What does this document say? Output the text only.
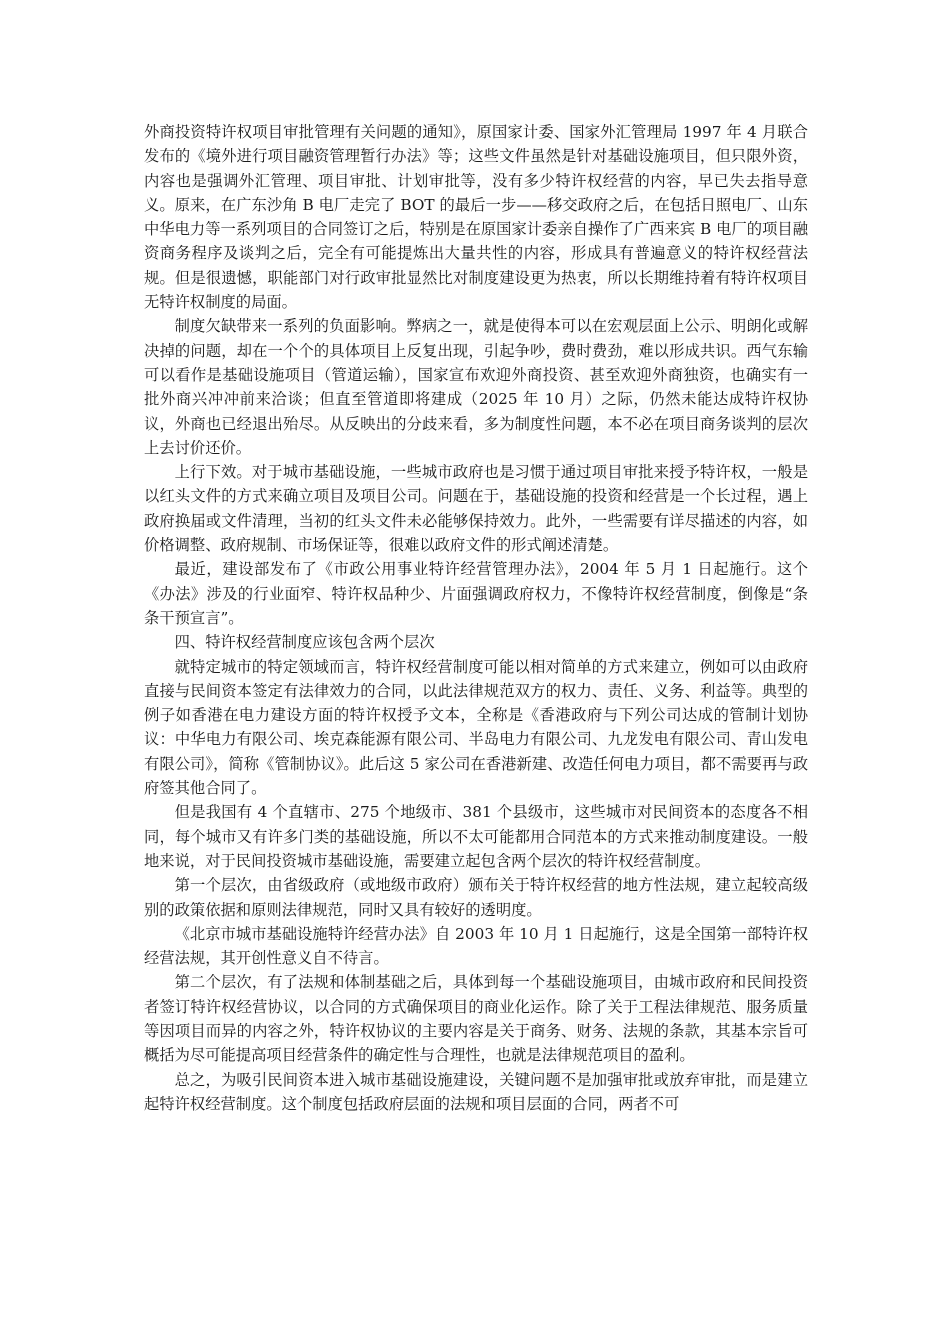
外商投资特许权项目审批管理有关问题的通知》，原国家计委、国家外汇管理局 1997 年 4 月联合发布的《境外进行项目融资管理暂行办法》等；这些文件虽然是针对基础设施项目，但只限外资，内容也是强调外汇管理、项目审批、计划审批等，没有多少特许权经营的内容，早已失去指导意义。原来，在广东沙角 B 电厂走完了 BOT 的最后一步——移交政府之后，在包括日照电厂、山东中华电力等一系列项目的合同签订之后，特别是在原国家计委亲自操作了广西来宾 B 电厂的项目融资商务程序及谈判之后，完全有可能提炼出大量共性的内容，形成具有普遍意义的特许权经营法规。但是很遗憾，职能部门对行政审批显然比对制度建设更为热衷，所以长期维持着有特许权项目无特许权制度的局面。

制度欠缺带来一系列的负面影响。弊病之一，就是使得本可以在宏观层面上公示、明朗化或解决掉的问题，却在一个个的具体项目上反复出现，引起争吵，费时费劲，难以形成共识。西气东输可以看作是基础设施项目（管道运输），国家宣布欢迎外商投资、甚至欢迎外商独资，也确实有一批外商兴冲冲前来洽谈；但直至管道即将建成（2025 年 10 月）之际，仍然未能达成特许权协议，外商也已经退出殆尽。从反映出的分歧来看，多为制度性问题，本不必在项目商务谈判的层次上去讨价还价。

上行下效。对于城市基础设施，一些城市政府也是习惯于通过项目审批来授予特许权，一般是以红头文件的方式来确立项目及项目公司。问题在于，基础设施的投资和经营是一个长过程，遇上政府换届或文件清理，当初的红头文件未必能够保持效力。此外，一些需要有详尽描述的内容，如价格调整、政府规制、市场保证等，很难以政府文件的形式阐述清楚。

最近，建设部发布了《市政公用事业特许经营管理办法》，2004 年 5 月 1 日起施行。这个《办法》涉及的行业面窄、特许权品种少、片面强调政府权力，不像特许权经营制度，倒像是“条条干预宣言”。

四、特许权经营制度应该包含两个层次

就特定城市的特定领域而言，特许权经营制度可能以相对简单的方式来建立，例如可以由政府直接与民间资本签定有法律效力的合同，以此法律规范双方的权力、责任、义务、利益等。典型的例子如香港在电力建设方面的特许权授予文本，全称是《香港政府与下列公司达成的管制计划协议：中华电力有限公司、埃克森能源有限公司、半岛电力有限公司、九龙发电有限公司、青山发电有限公司》，简称《管制协议》。此后这 5 家公司在香港新建、改造任何电力项目，都不需要再与政府签其他合同了。

但是我国有 4 个直辖市、275 个地级市、381 个县级市，这些城市对民间资本的态度各不相同，每个城市又有许多门类的基础设施，所以不太可能都用合同范本的方式来推动制度建设。一般地来说，对于民间投资城市基础设施，需要建立起包含两个层次的特许权经营制度。

第一个层次，由省级政府（或地级市政府）颁布关于特许权经营的地方性法规，建立起较高级别的政策依据和原则法律规范，同时又具有较好的透明度。

《北京市城市基础设施特许经营办法》自 2003 年 10 月 1 日起施行，这是全国第一部特许权经营法规，其开创性意义自不待言。

第二个层次，有了法规和体制基础之后，具体到每一个基础设施项目，由城市政府和民间投资者签订特许权经营协议，以合同的方式确保项目的商业化运作。除了关于工程法律规范、服务质量等因项目而异的内容之外，特许权协议的主要内容是关于商务、财务、法规的条款，其基本宗旨可概括为尽可能提高项目经营条件的确定性与合理性，也就是法律规范项目的盈利。

总之，为吸引民间资本进入城市基础设施建设，关键问题不是加强审批或放弃审批，而是建立起特许权经营制度。这个制度包括政府层面的法规和项目层面的合同，两者不可
